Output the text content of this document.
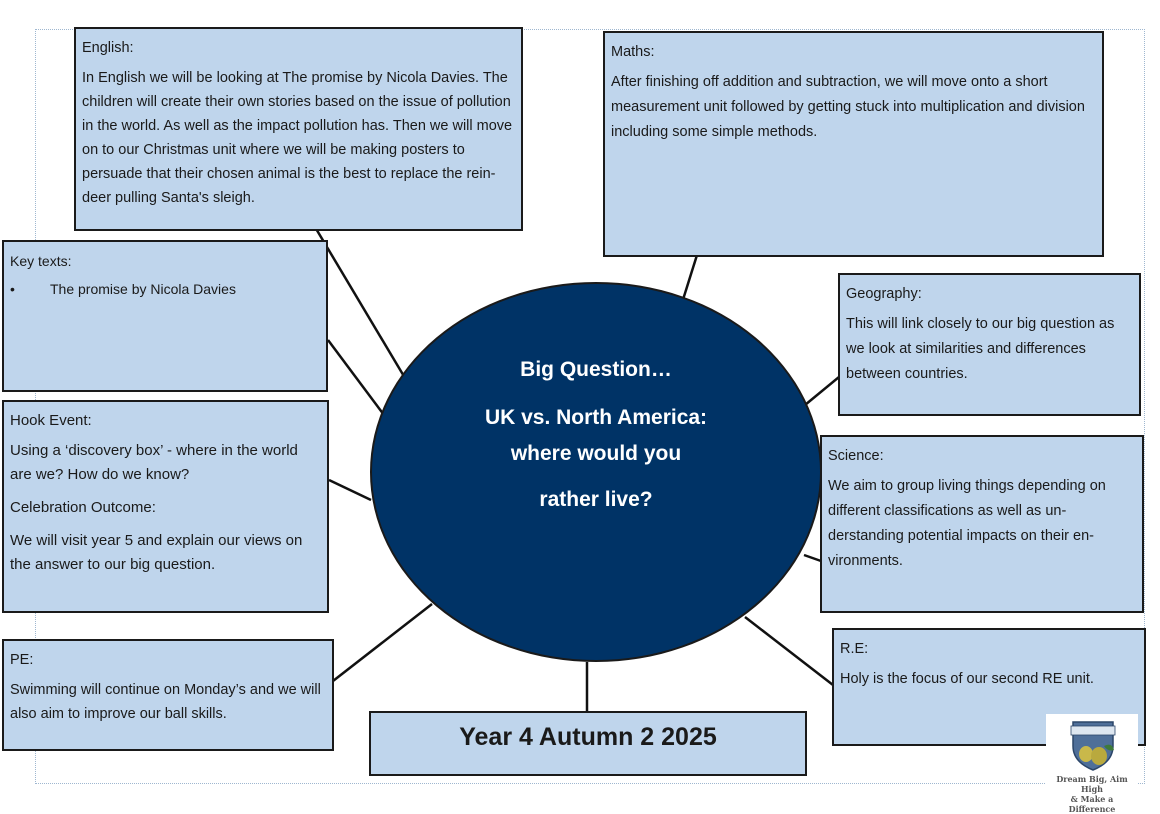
English:

In English we will be looking at The promise by Nicola Davies. The children will create their own stories based on the issue of pollution in the world. As well as the impact pollution has. Then we will move on to our Christmas unit where we will be making posters to persuade that their chosen animal is the best to replace the reindeer pulling Santa's sleigh.

Maths:

After finishing off addition and subtraction, we will move onto a short measurement unit followed by getting stuck into multiplication and division including some simple methods.

Key texts:

• The promise by Nicola Davies	Geography:

This will link closely to our big question as we look at similarities and differences between countries.

Hook Event:

Using a ‘discovery box’ - where in the world are we? How do we know?

Celebration Outcome:

We will visit year 5 and explain our views on the answer to our big question.

Science:

We aim to group living things depending on different classifications as well as understanding potential impacts on their environments.

PE:

Swimming will continue on Monday’s and we will also aim to improve our ball skills.

R.E:

Holy is the focus of our second RE unit.

Big Question…
UK vs. North America:
where would you
rather live?
Year 4 Autumn 2 2025
Dream Big, Aim High
& Make a Difference
